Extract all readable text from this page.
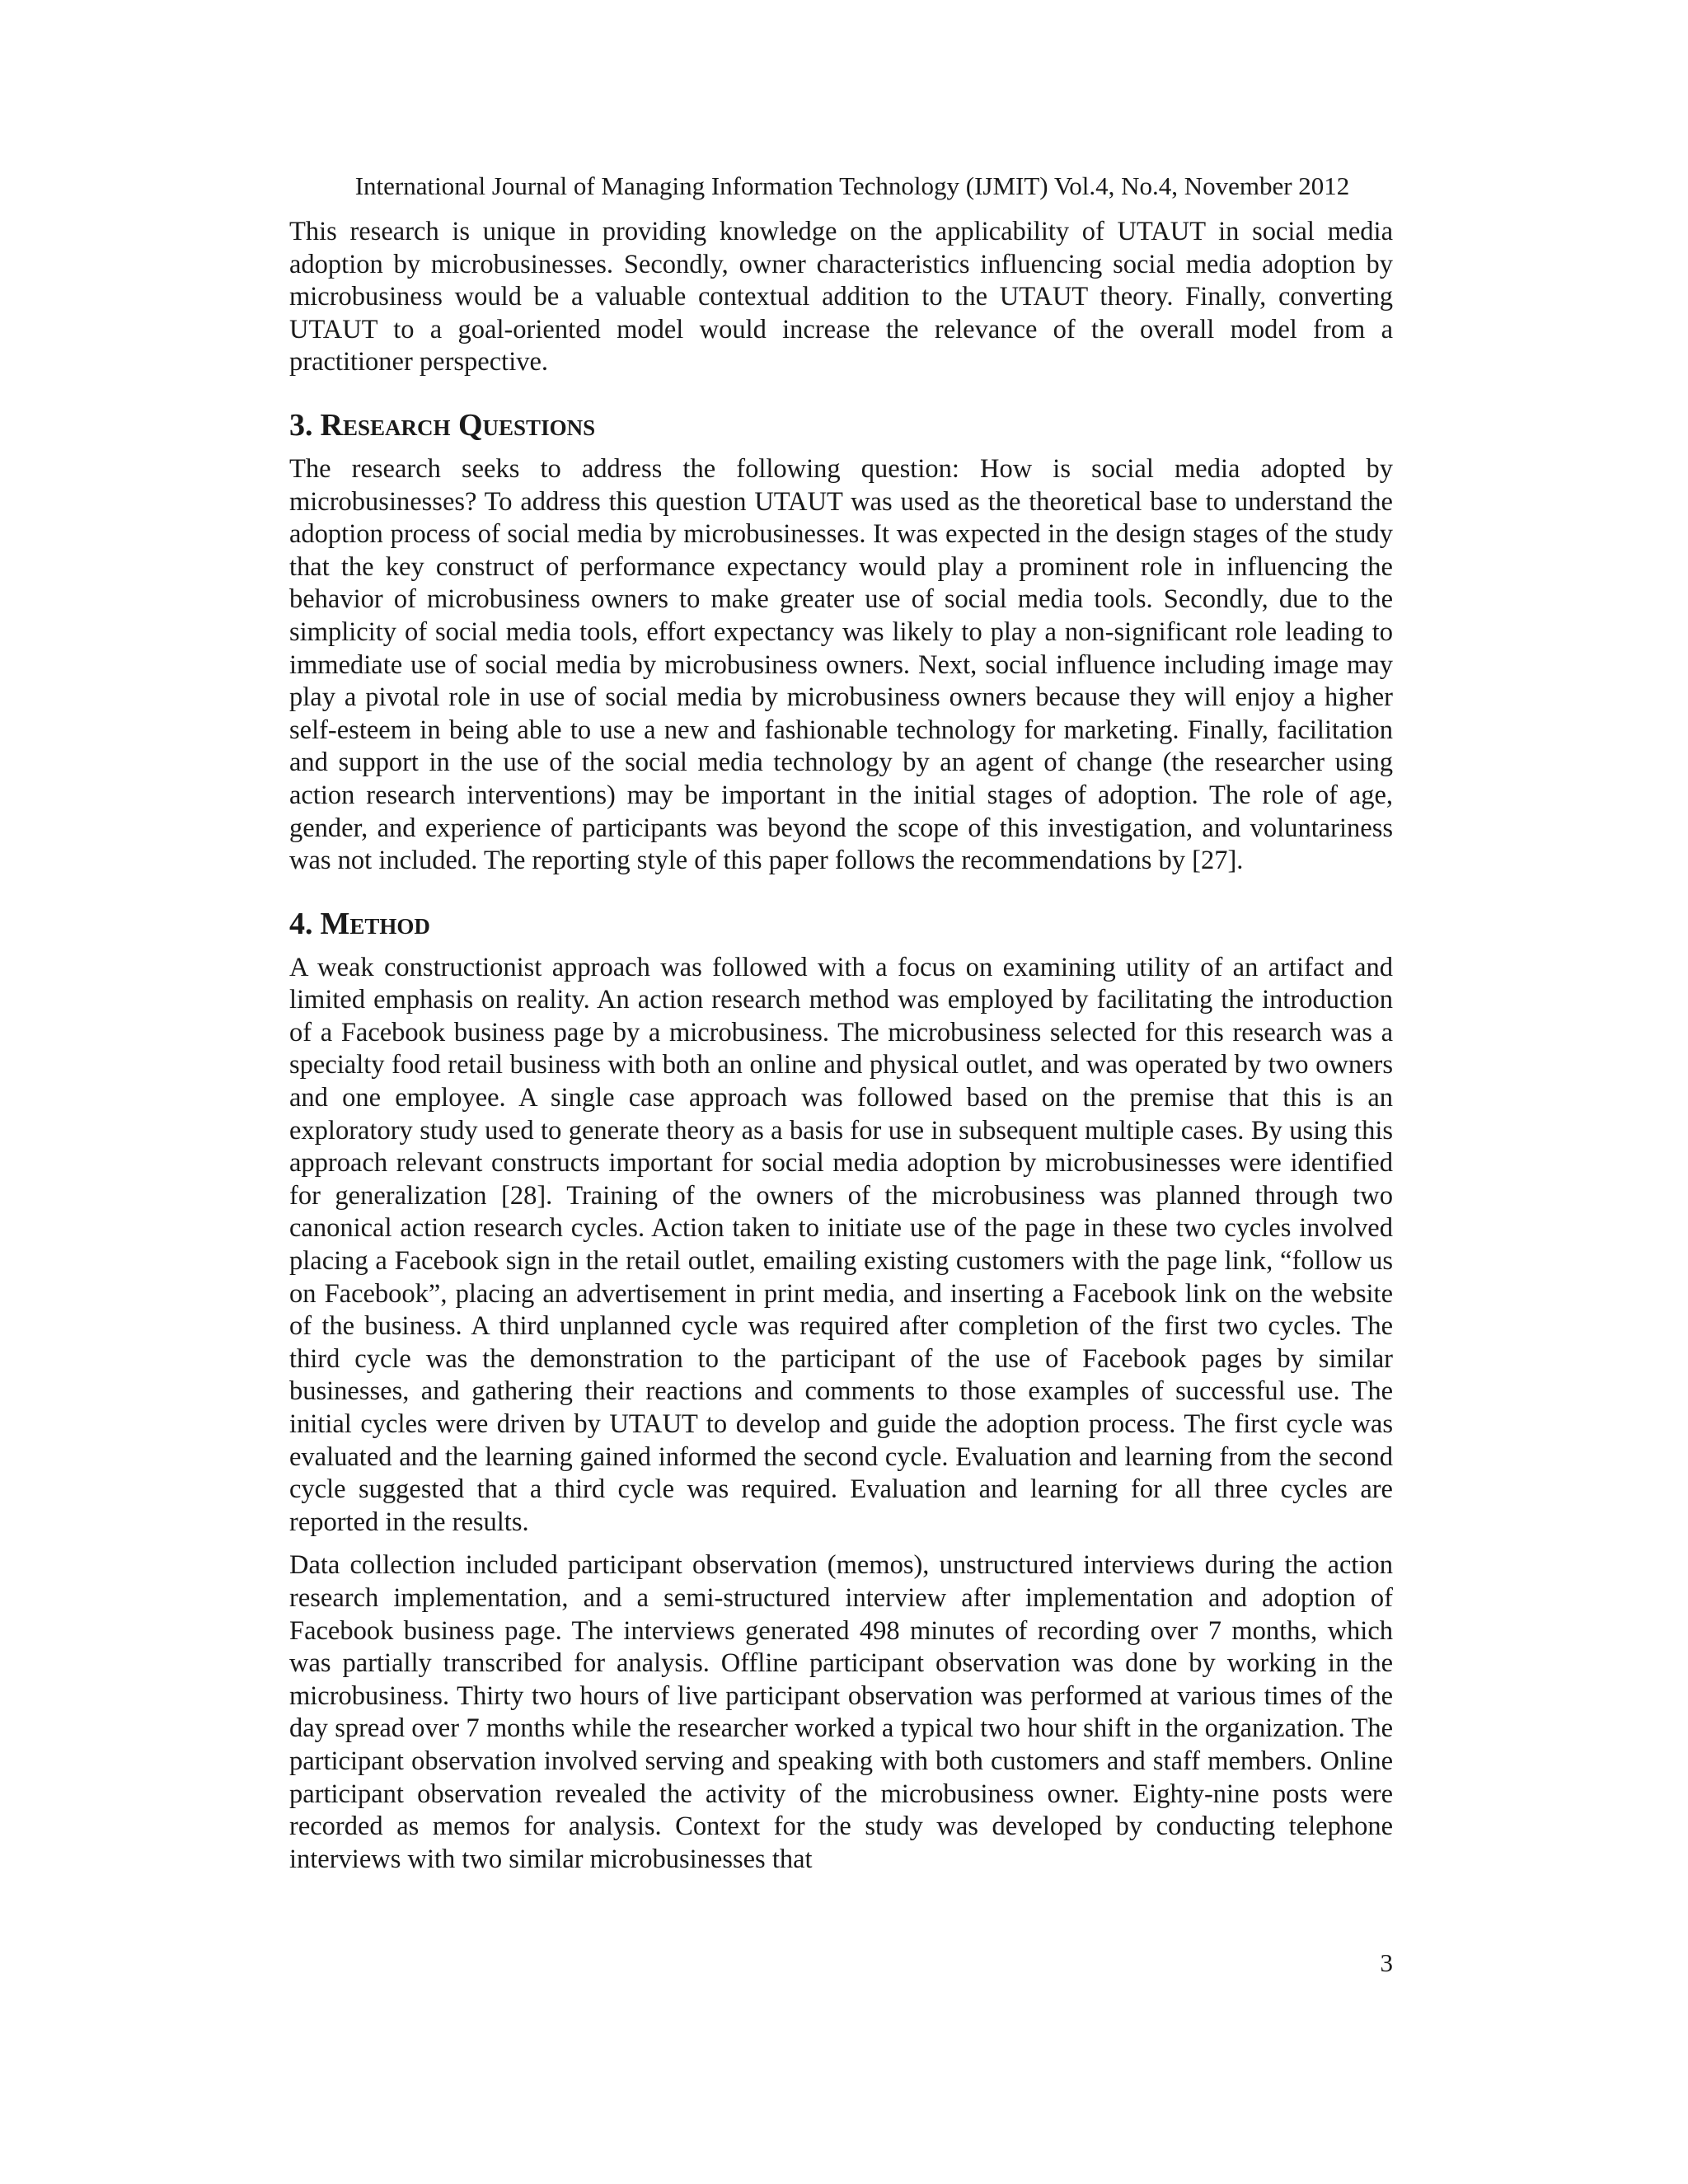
International Journal of Managing Information Technology (IJMIT) Vol.4, No.4, November 2012

This research is unique in providing knowledge on the applicability of UTAUT in social media adoption by microbusinesses. Secondly, owner characteristics influencing social media adoption by microbusiness would be a valuable contextual addition to the UTAUT theory. Finally, converting UTAUT to a goal-oriented model would increase the relevance of the overall model from a practitioner perspective.

3. Research Questions

The research seeks to address the following question: How is social media adopted by microbusinesses? To address this question UTAUT was used as the theoretical base to understand the adoption process of social media by microbusinesses. It was expected in the design stages of the study that the key construct of performance expectancy would play a prominent role in influencing the behavior of microbusiness owners to make greater use of social media tools. Secondly, due to the simplicity of social media tools, effort expectancy was likely to play a non-significant role leading to immediate use of social media by microbusiness owners. Next, social influence including image may play a pivotal role in use of social media by microbusiness owners because they will enjoy a higher self-esteem in being able to use a new and fashionable technology for marketing. Finally, facilitation and support in the use of the social media technology by an agent of change (the researcher using action research interventions) may be important in the initial stages of adoption. The role of age, gender, and experience of participants was beyond the scope of this investigation, and voluntariness was not included. The reporting style of this paper follows the recommendations by [27].

4. Method

A weak constructionist approach was followed with a focus on examining utility of an artifact and limited emphasis on reality. An action research method was employed by facilitating the introduction of a Facebook business page by a microbusiness. The microbusiness selected for this research was a specialty food retail business with both an online and physical outlet, and was operated by two owners and one employee. A single case approach was followed based on the premise that this is an exploratory study used to generate theory as a basis for use in subsequent multiple cases. By using this approach relevant constructs important for social media adoption by microbusinesses were identified for generalization [28]. Training of the owners of the microbusiness was planned through two canonical action research cycles. Action taken to initiate use of the page in these two cycles involved placing a Facebook sign in the retail outlet, emailing existing customers with the page link, “follow us on Facebook”, placing an advertisement in print media, and inserting a Facebook link on the website of the business. A third unplanned cycle was required after completion of the first two cycles. The third cycle was the demonstration to the participant of the use of Facebook pages by similar businesses, and gathering their reactions and comments to those examples of successful use. The initial cycles were driven by UTAUT to develop and guide the adoption process. The first cycle was evaluated and the learning gained informed the second cycle. Evaluation and learning from the second cycle suggested that a third cycle was required. Evaluation and learning for all three cycles are reported in the results.

Data collection included participant observation (memos), unstructured interviews during the action research implementation, and a semi-structured interview after implementation and adoption of Facebook business page. The interviews generated 498 minutes of recording over 7 months, which was partially transcribed for analysis. Offline participant observation was done by working in the microbusiness. Thirty two hours of live participant observation was performed at various times of the day spread over 7 months while the researcher worked a typical two hour shift in the organization. The participant observation involved serving and speaking with both customers and staff members. Online participant observation revealed the activity of the microbusiness owner. Eighty-nine posts were recorded as memos for analysis. Context for the study was developed by conducting telephone interviews with two similar microbusinesses that

3
